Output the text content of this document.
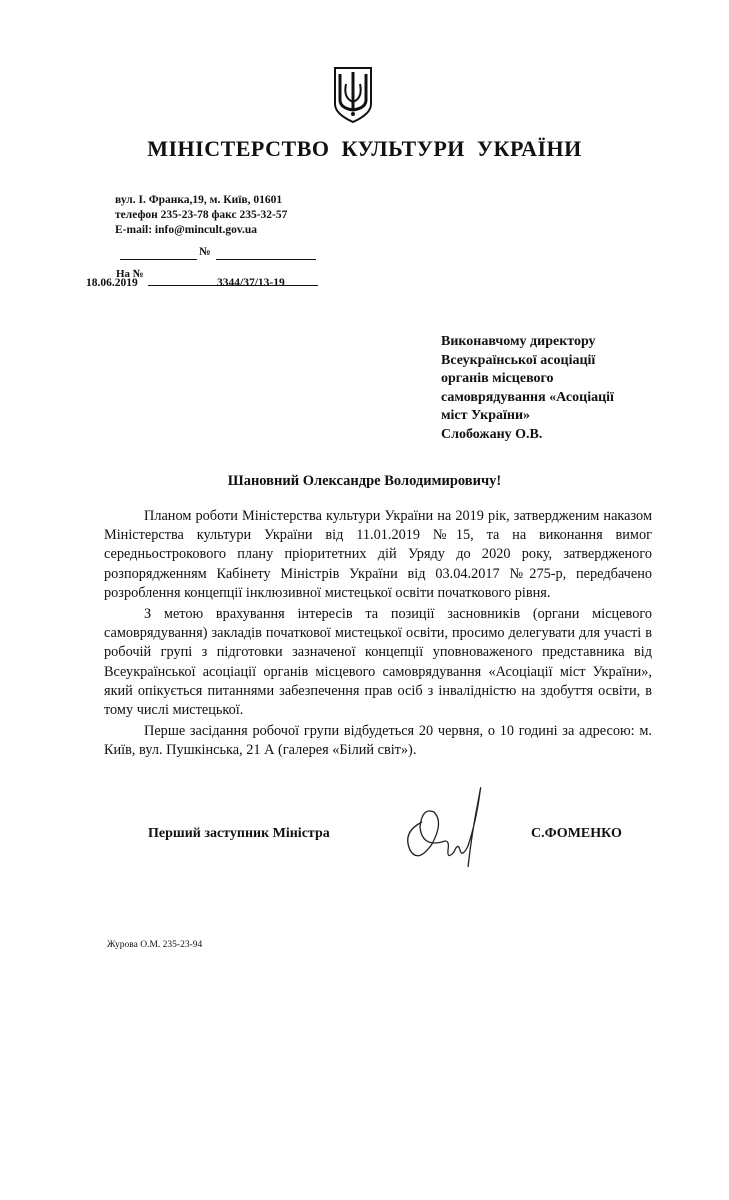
МІНІСТЕРСТВО КУЛЬТУРИ УКРАЇНИ
вул. І. Франка,19, м. Київ, 01601
телефон 235-23-78 факс 235-32-57
E-mail: info@mincult.gov.ua
№
На №
18.06.2019	3344/37/13-19
Виконавчому директору
Всеукраїнської асоціації
органів місцевого
самоврядування «Асоціації
міст України»
Слобожану О.В.
Шановний Олександре Володимировичу!

Планом роботи Міністерства культури України на 2019 рік, затвердженим наказом Міністерства культури України від 11.01.2019 №15, та на виконання вимог середньострокового плану пріоритетних дій Уряду до 2020 року, затвердженого розпорядженням Кабінету Міністрів України від 03.04.2017 №275-р, передбачено розроблення концепції інклюзивної мистецької освіти початкового рівня.

З метою врахування інтересів та позиції засновників (органи місцевого самоврядування) закладів початкової мистецької освіти, просимо делегувати для участі в робочій групі з підготовки зазначеної концепції уповноваженого представника від Всеукраїнської асоціації органів місцевого самоврядування «Асоціації міст України», який опікується питаннями забезпечення прав осіб з інвалідністю на здобуття освіти, в тому числі мистецької.

Перше засідання робочої групи відбудеться 20 червня, о 10 годині за адресою: м. Київ, вул. Пушкінська, 21 А (галерея «Білий світ»).

Перший заступник Міністра	С.ФОМЕНКО
Журова О.М. 235-23-94
